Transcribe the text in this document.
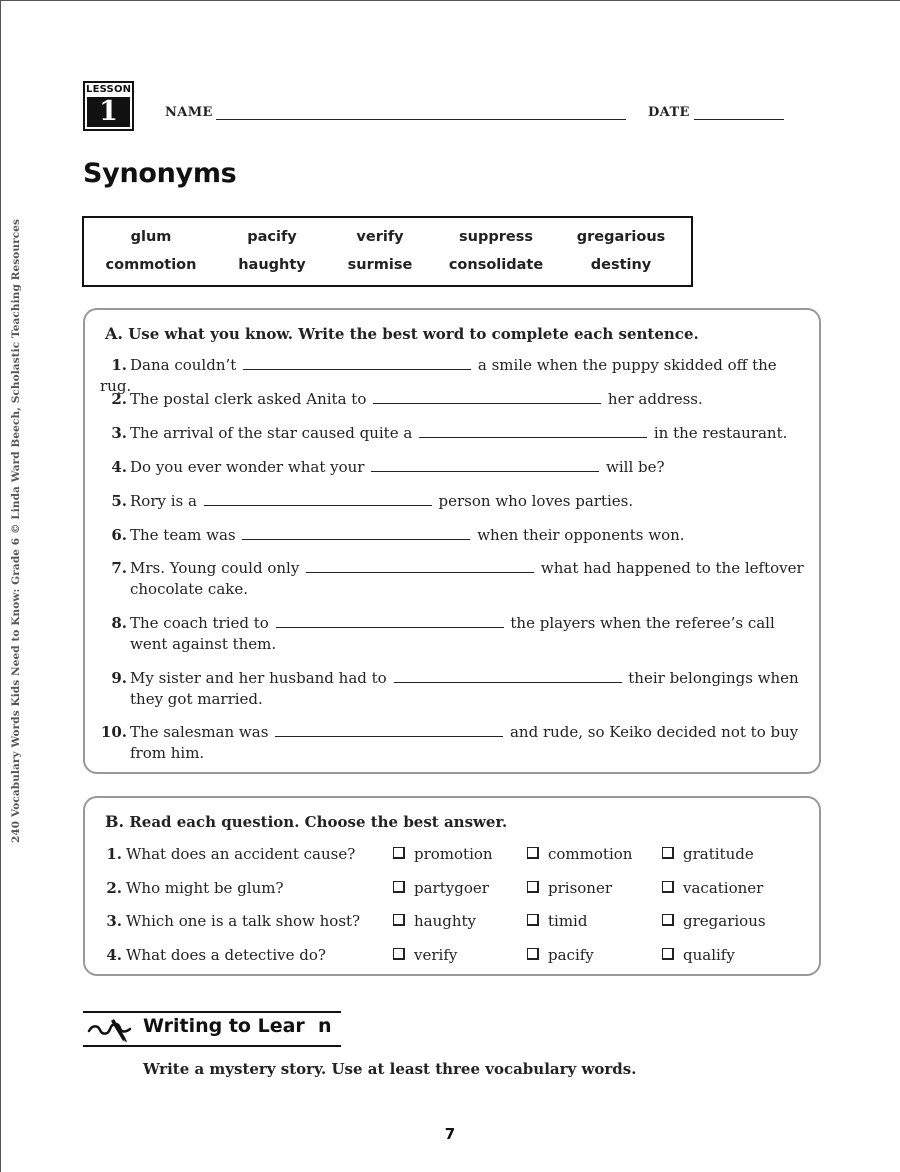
240 Vocabulary Words Kids Need to Know: Grade 6 © Linda Ward Beech, Scholastic Teaching Resources
LESSON
1	NAME	DATE
Synonyms
glum	pacify	verify	suppress	gregarious
commotion	haughty	surmise	consolidate	destiny
A. Use what you know. Write the best word to complete each sentence.
1. Dana couldn’t	a smile when the puppy skidded off the rug.
2. The postal clerk asked Anita to	her address.
3. The arrival of the star caused quite a	in the restaurant.
4. Do you ever wonder what your	will be?
5. Rory is a	person who loves parties.
6. The team was	when their opponents won.
7. Mrs. Young could only	what had happened to the leftover
chocolate cake.
8. The coach tried to	the players when the referee’s call
went against them.
9. My sister and her husband had to	their belongings when
they got married.
10. The salesman was	and rude, so Keiko decided not to buy
from him.
B. Read each question. Choose the best answer.
1. What does an accident cause?	promotion	commotion	gratitude
2. Who might be glum?	partygoer	prisoner	vacationer
3. Which one is a talk show host?	haughty	timid	gregarious
4. What does a detective do?	verify	pacify	qualify
Writing to Lear  n
Write a mystery story. Use at least three vocabulary words.
7
